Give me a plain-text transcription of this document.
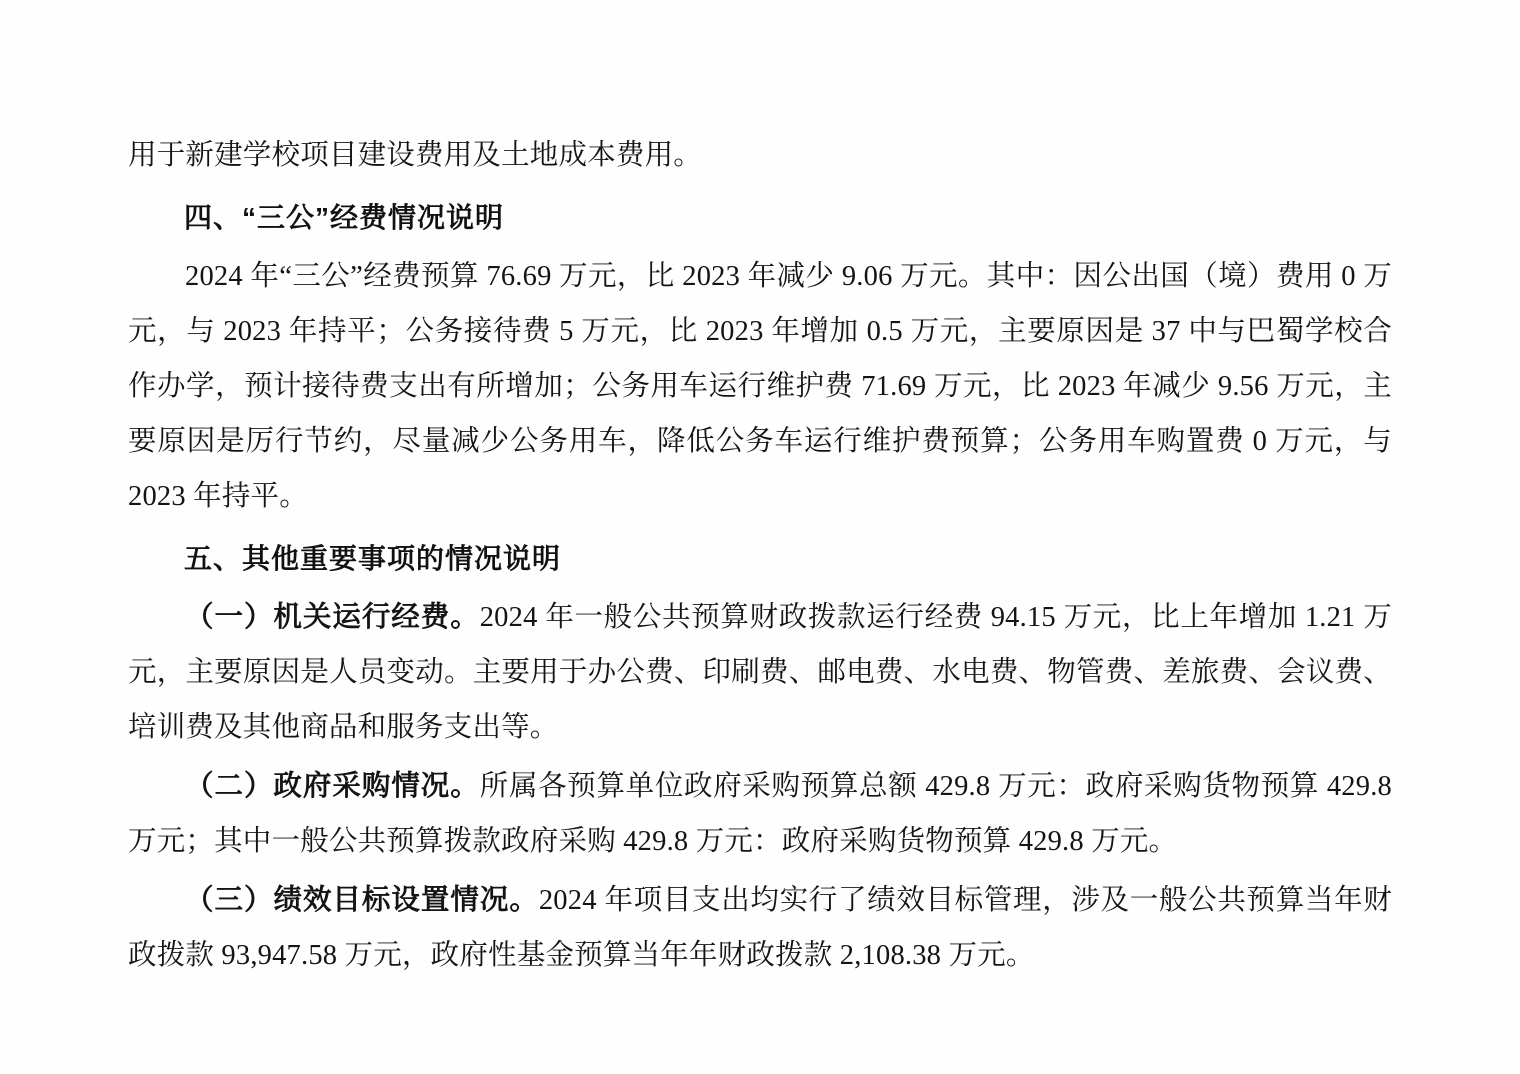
用于新建学校项目建设费用及土地成本费用。

四、“三公”经费情况说明

2024 年“三公”经费预算 76.69 万元，比 2023 年减少 9.06 万元。其中：因公出国（境）费用 0 万元，与 2023 年持平；公务接待费 5 万元，比 2023 年增加 0.5 万元，主要原因是 37 中与巴蜀学校合作办学，预计接待费支出有所增加；公务用车运行维护费 71.69 万元，比 2023 年减少 9.56 万元，主要原因是厉行节约，尽量减少公务用车，降低公务车运行维护费预算；公务用车购置费 0 万元，与 2023 年持平。

五、其他重要事项的情况说明

（一）机关运行经费。2024 年一般公共预算财政拨款运行经费 94.15 万元，比上年增加 1.21 万元，主要原因是人员变动。主要用于办公费、印刷费、邮电费、水电费、物管费、差旅费、会议费、培训费及其他商品和服务支出等。

（二）政府采购情况。所属各预算单位政府采购预算总额 429.8 万元：政府采购货物预算 429.8 万元；其中一般公共预算拨款政府采购 429.8 万元：政府采购货物预算 429.8 万元。

（三）绩效目标设置情况。2024 年项目支出均实行了绩效目标管理，涉及一般公共预算当年财政拨款 93,947.58 万元，政府性基金预算当年年财政拨款 2,108.38 万元。
